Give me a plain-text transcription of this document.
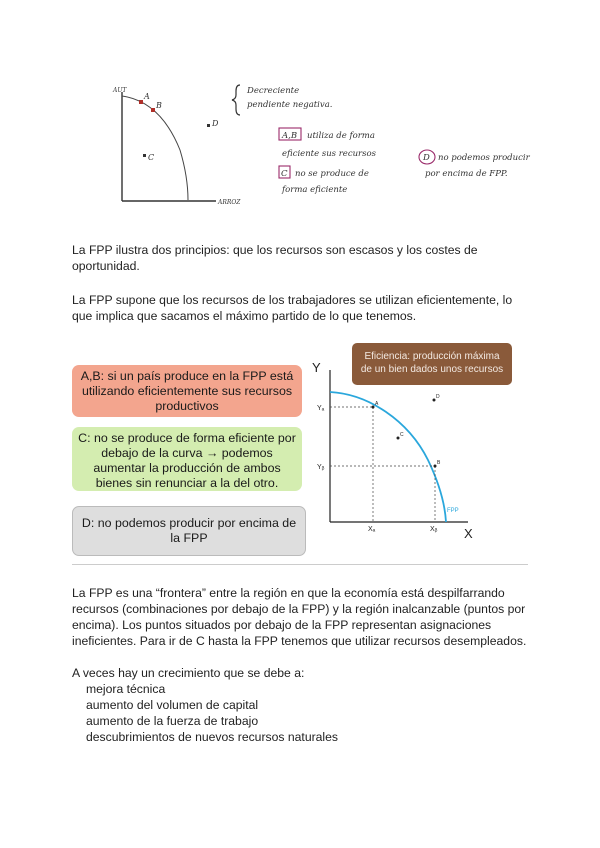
AUT
ARROZ
A
B
C
D
Decreciente
pendiente negativa.
A,B utiliza de forma
eficiente sus recursos
C no se produce de
forma eficiente
D no podemos producir
por encima de FPP.
La FPP ilustra dos principios: que los recursos son escasos y los costes de oportunidad.
La FPP supone que los recursos de los trabajadores se utilizan eficientemente, lo que implica que sacamos el máximo partido de lo que tenemos.
A,B: si un país produce en la FPP está utilizando eficientemente sus recursos productivos
C: no se produce de forma eficiente por debajo de la curva → podemos aumentar la producción de ambos bienes sin renunciar a la del otro.
D: no podemos producir por encima de la FPP
Eficiencia: producción máxima de un bien dados unos recursos
Y
X
Yₐ
Yᵦ
Xₐ	Xᵦ
A
B
C
D
FPP
La FPP es una “frontera” entre la región en que la economía está despilfarrando recursos (combinaciones por debajo de la FPP) y la región inalcanzable (puntos por encima). Los puntos situados por debajo de la FPP representan asignaciones ineficientes. Para ir de C hasta la FPP tenemos que utilizar recursos desempleados.
A veces hay un crecimiento que se debe a:
mejora técnica
aumento del volumen de capital
aumento de la fuerza de trabajo
descubrimientos de nuevos recursos naturales
